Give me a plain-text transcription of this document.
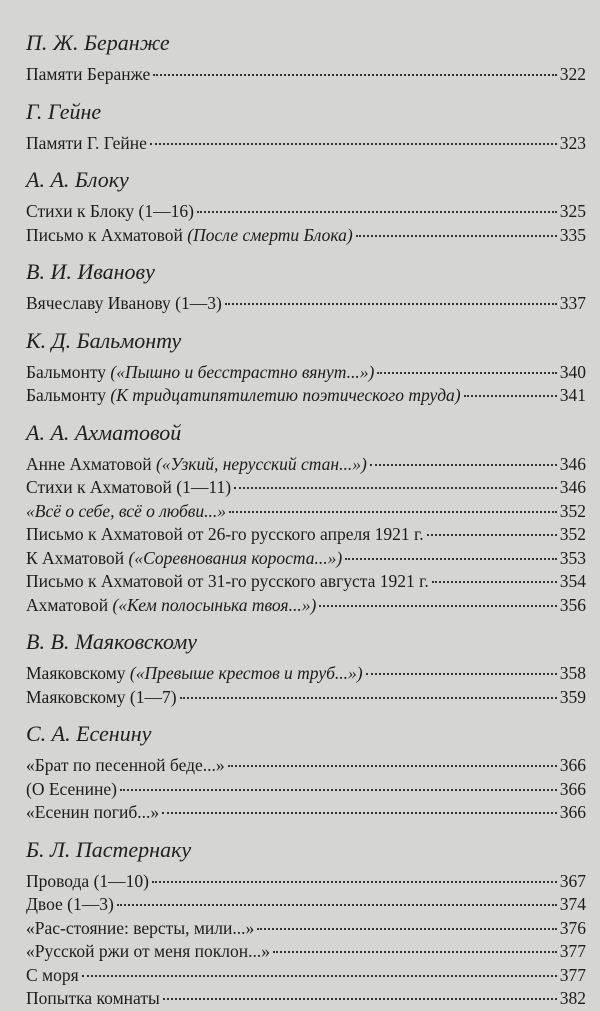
П. Ж. Беранже
Памяти Беранже	322
Г. Гейне
Памяти Г. Гейне	323
А. А. Блоку
Стихи к Блоку (1—16)	325
Письмо к Ахматовой (После смерти Блока)	335
В. И. Иванову
Вячеславу Иванову (1—3)	337
К. Д. Бальмонту
Бальмонту («Пышно и бесстрастно вянут...»)	340
Бальмонту (К тридцатипятилетию поэтического труда)	341
А. А. Ахматовой
Анне Ахматовой («Узкий, нерусский стан...»)	346
Стихи к Ахматовой (1—11)	346
«Всё о себе, всё о любви...»	352
Письмо к Ахматовой от 26-го русского апреля 1921 г.	352
К Ахматовой («Соревнования короста...»)	353
Письмо к Ахматовой от 31-го русского августа 1921 г.	354
Ахматовой («Кем полосынька твоя...»)	356
В. В. Маяковскому
Маяковскому («Превыше крестов и труб...»)	358
Маяковскому (1—7)	359
С. А. Есенину
«Брат по песенной беде...»	366
(О Есенине)	366
«Есенин погиб...»	366
Б. Л. Пастернаку
Провода (1—10)	367
Двое (1—3)	374
«Рас-стояние: версты, мили...»	376
«Русской ржи от меня поклон...»	377
С моря	377
Попытка комнаты	382
